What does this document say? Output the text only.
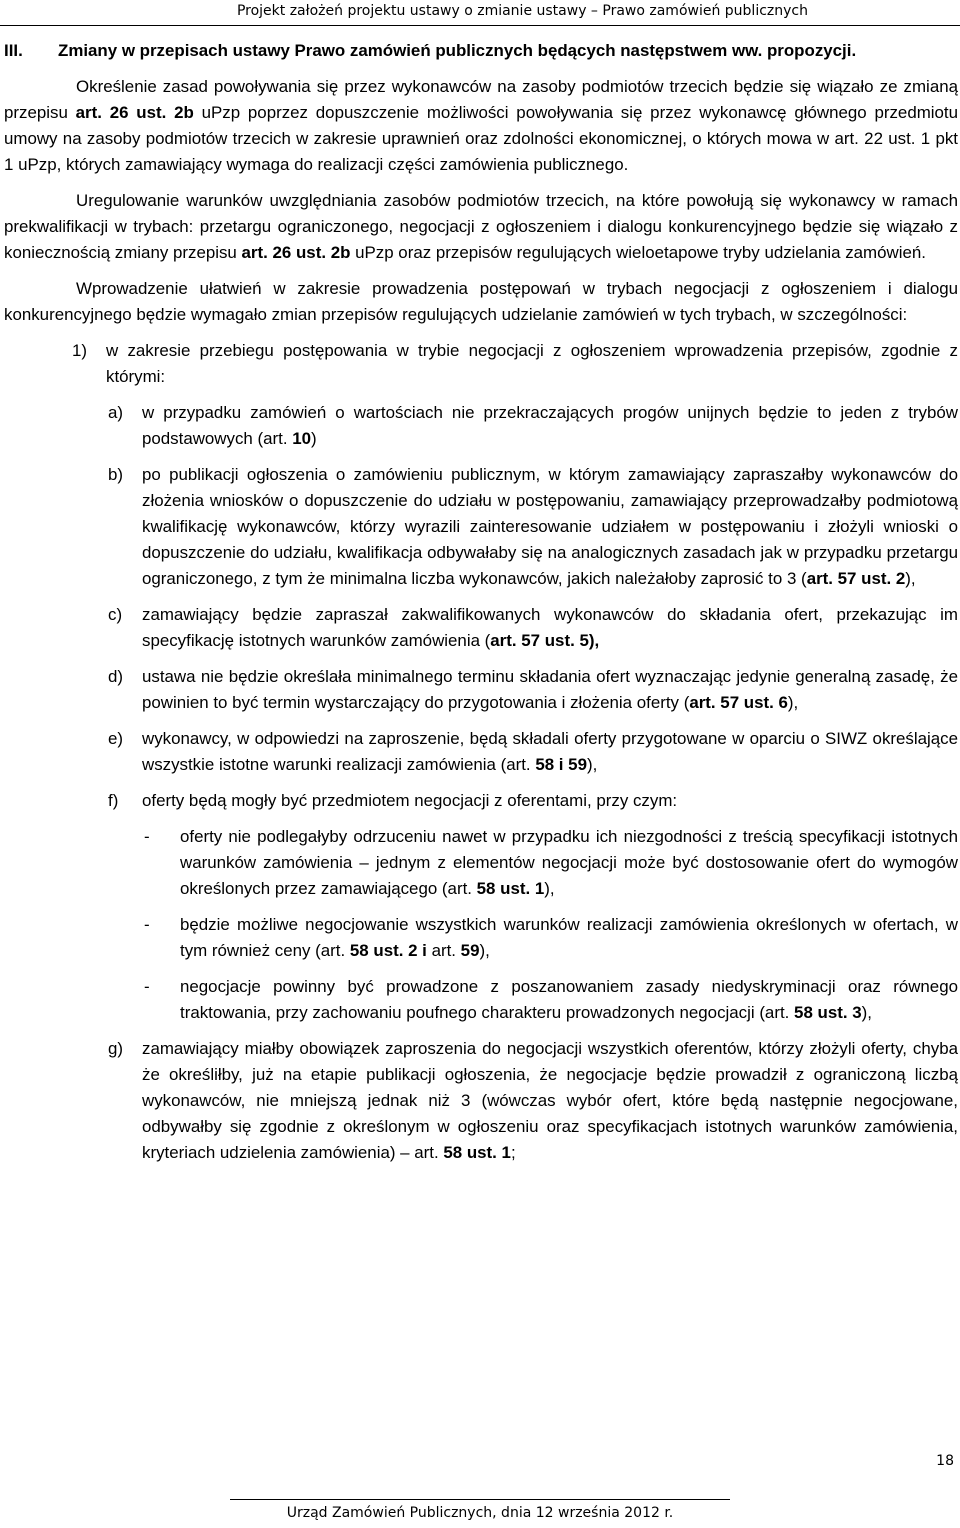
Projekt założeń projektu ustawy o zmianie ustawy – Prawo zamówień publicznych
III.	Zmiany w przepisach ustawy Prawo zamówień publicznych będących następstwem ww. propozycji.

Określenie zasad powoływania się przez wykonawców na zasoby podmiotów trzecich będzie się wiązało ze zmianą przepisu art. 26 ust. 2b uPzp poprzez dopuszczenie możliwości powoływania się przez wykonawcę głównego przedmiotu umowy na zasoby podmiotów trzecich w zakresie uprawnień oraz zdolności ekonomicznej, o których mowa w art. 22 ust. 1 pkt 1 uPzp, których zamawiający wymaga do realizacji części zamówienia publicznego.

Uregulowanie warunków uwzględniania zasobów podmiotów trzecich, na które powołują się wykonawcy w ramach prekwalifikacji w trybach: przetargu ograniczonego, negocjacji z ogłoszeniem i dialogu konkurencyjnego będzie się wiązało z koniecznością zmiany przepisu art. 26 ust. 2b uPzp oraz przepisów regulujących wieloetapowe tryby udzielania zamówień.

Wprowadzenie ułatwień w zakresie prowadzenia postępowań w trybach negocjacji z ogłoszeniem i dialogu konkurencyjnego będzie wymagało zmian przepisów regulujących udzielanie zamówień w tych trybach, w szczególności:

1)	w zakresie przebiegu postępowania w trybie negocjacji z ogłoszeniem wprowadzenia przepisów, zgodnie z którymi:
a)	w przypadku zamówień o wartościach nie przekraczających progów unijnych będzie to jeden z trybów podstawowych (art. 10)
b)	po publikacji ogłoszenia o zamówieniu publicznym, w którym zamawiający zapraszałby wykonawców do złożenia wniosków o dopuszczenie do udziału w postępowaniu, zamawiający przeprowadzałby podmiotową kwalifikację wykonawców, którzy wyrazili zainteresowanie udziałem w postępowaniu i złożyli wnioski o dopuszczenie do udziału, kwalifikacja odbywałaby się na analogicznych zasadach jak w przypadku przetargu ograniczonego, z tym że minimalna liczba wykonawców, jakich należałoby zaprosić to 3 (art. 57 ust. 2),
c)	zamawiający będzie zapraszał zakwalifikowanych wykonawców do składania ofert, przekazując im specyfikację istotnych warunków zamówienia (art. 57 ust. 5),
d)	ustawa nie będzie określała minimalnego terminu składania ofert wyznaczając jedynie generalną zasadę, że powinien to być termin wystarczający do przygotowania i złożenia oferty (art. 57 ust. 6),
e)	wykonawcy, w odpowiedzi na zaproszenie, będą składali oferty przygotowane w oparciu o SIWZ określające wszystkie istotne warunki realizacji zamówienia (art. 58 i 59),
f)	oferty będą mogły być przedmiotem negocjacji z oferentami, przy czym:
-	oferty nie podlegałyby odrzuceniu nawet w przypadku ich niezgodności z treścią specyfikacji istotnych warunków zamówienia – jednym z elementów negocjacji może być dostosowanie ofert do wymogów określonych przez zamawiającego (art. 58 ust. 1),
-	będzie możliwe negocjowanie wszystkich warunków realizacji zamówienia określonych w ofertach, w tym również ceny (art. 58 ust. 2 i art. 59),
-	negocjacje powinny być prowadzone z poszanowaniem zasady niedyskryminacji oraz równego traktowania, przy zachowaniu poufnego charakteru prowadzonych negocjacji (art. 58 ust. 3),
g)	zamawiający miałby obowiązek zaproszenia do negocjacji wszystkich oferentów, którzy złożyli oferty, chyba że określiłby, już na etapie publikacji ogłoszenia, że negocjacje będzie prowadził z ograniczoną liczbą wykonawców, nie mniejszą jednak niż 3 (wówczas wybór ofert, które będą następnie negocjowane, odbywałby się zgodnie z określonym w ogłoszeniu oraz specyfikacjach istotnych warunków zamówienia, kryteriach udzielenia zamówienia) – art. 58 ust. 1;
18
Urząd Zamówień Publicznych, dnia 12 września 2012 r.
